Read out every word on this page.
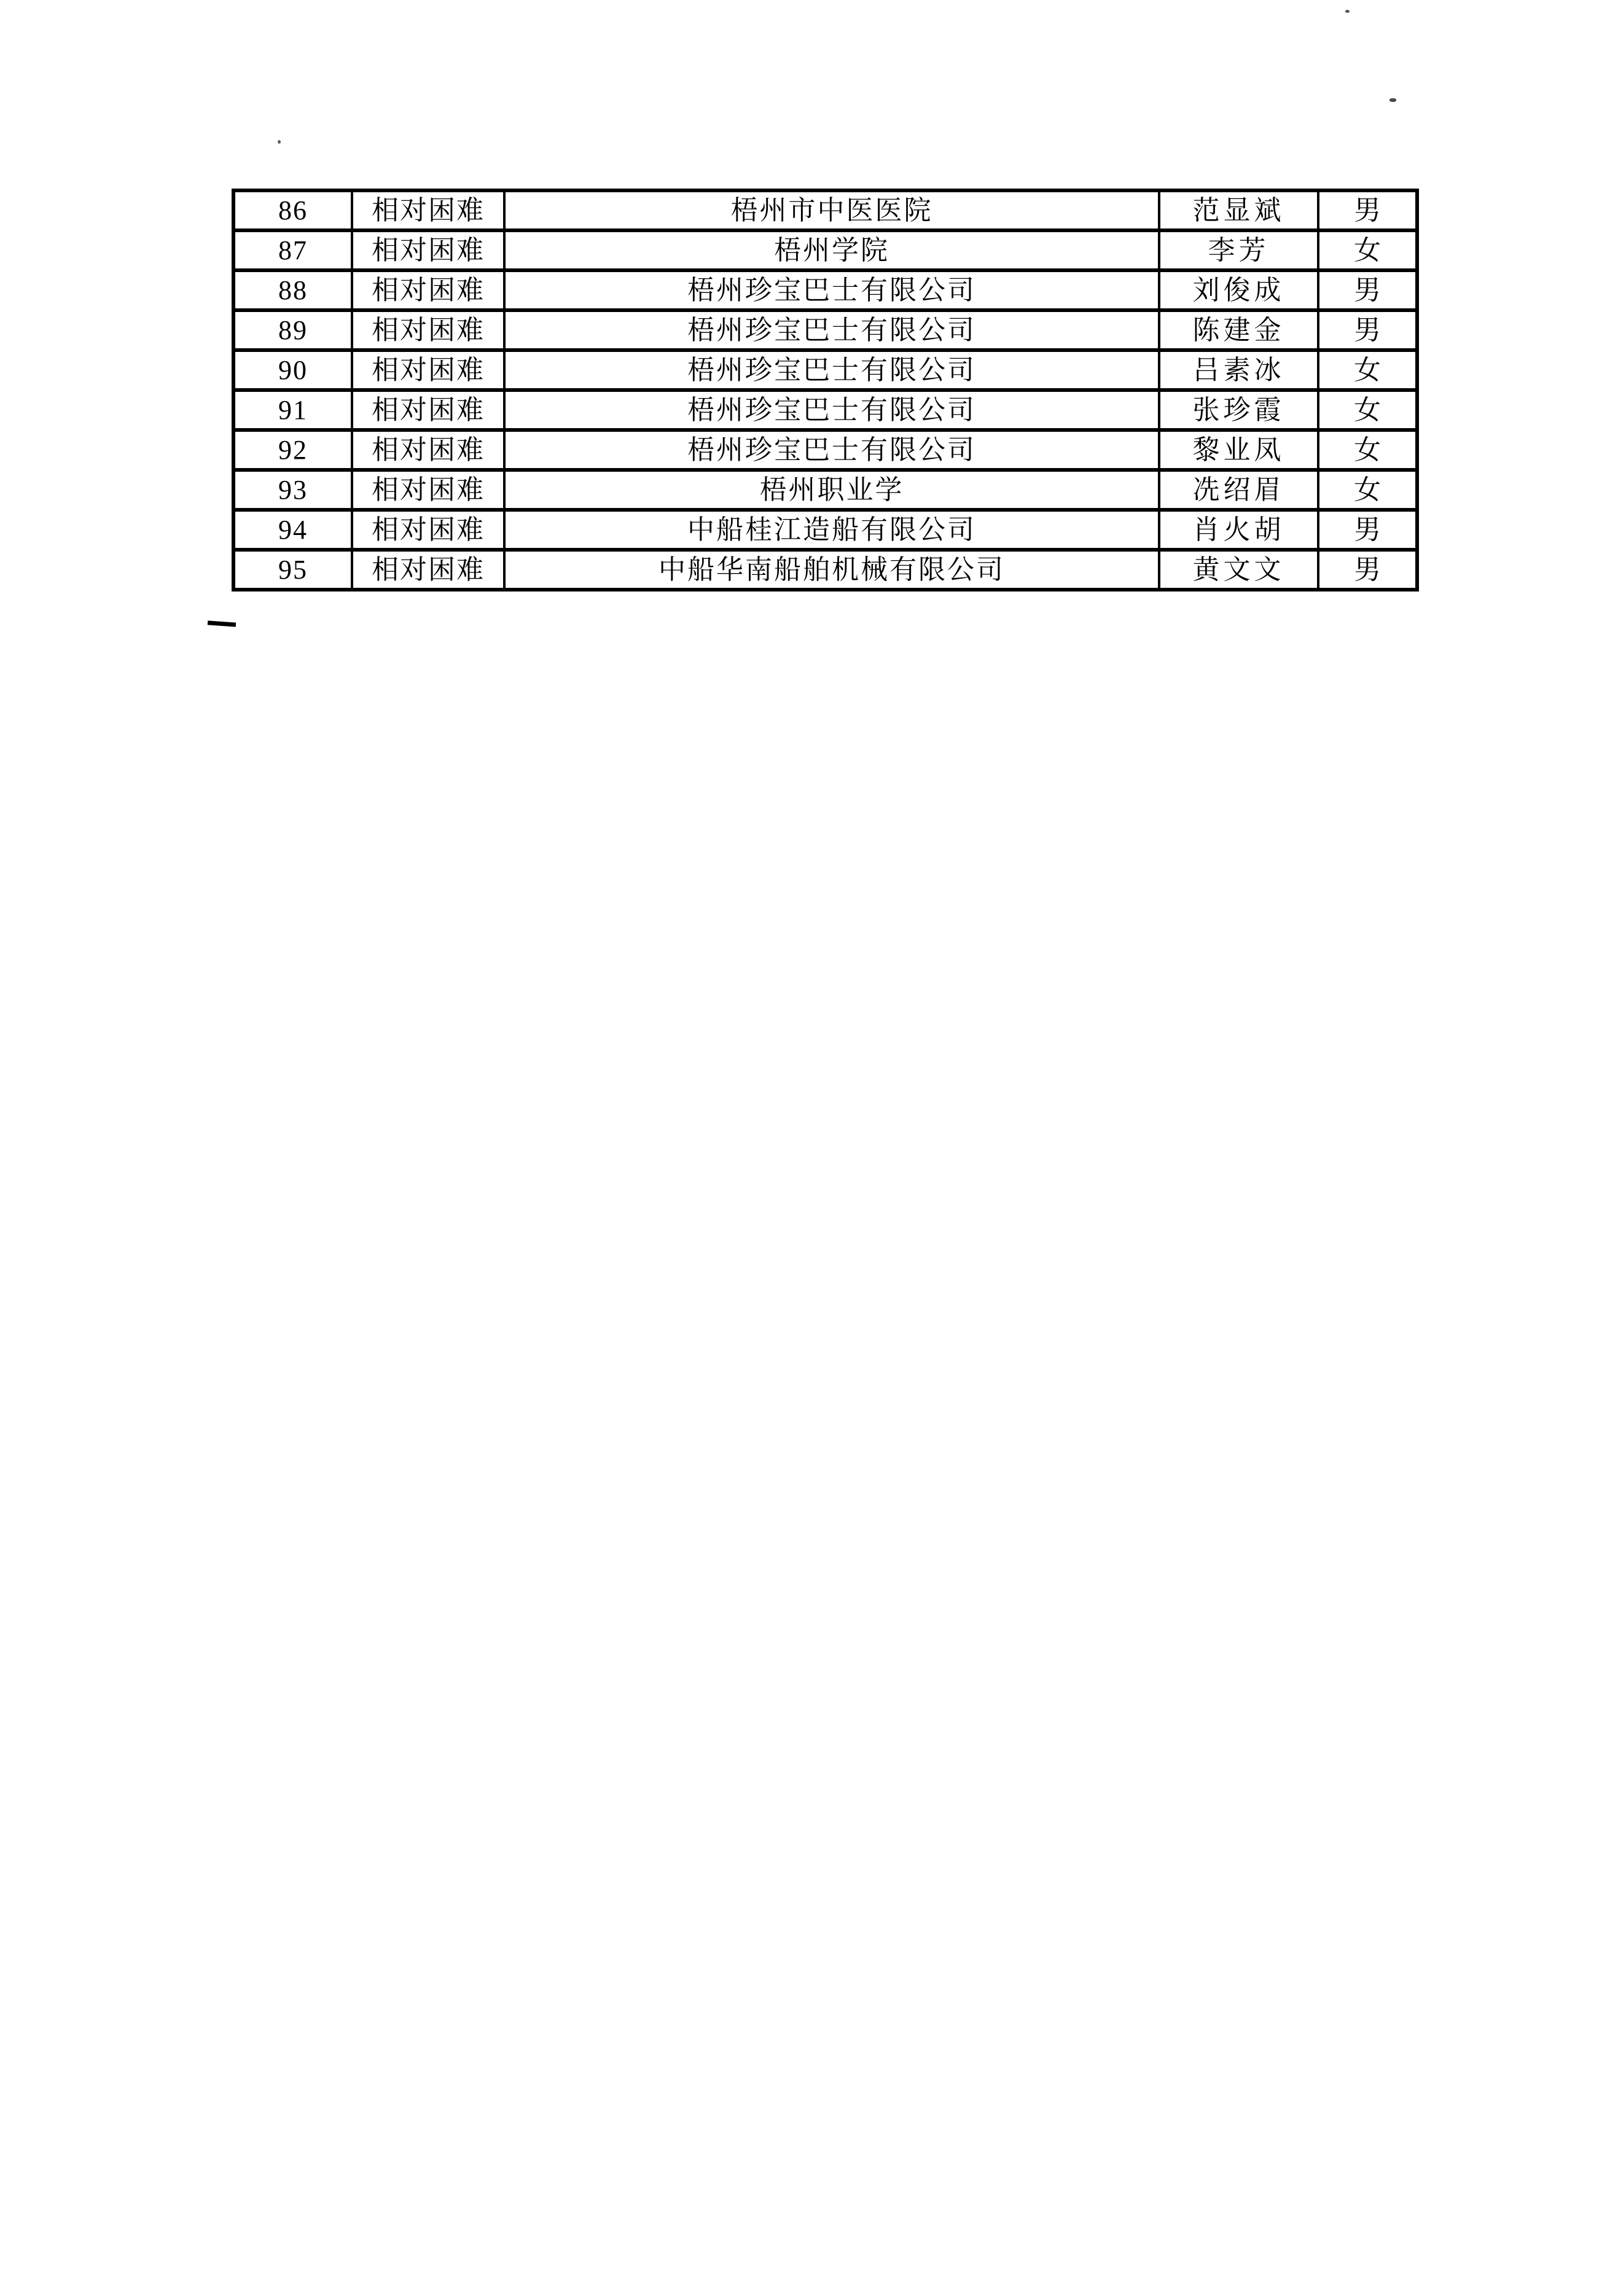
86	相对困难	梧州市中医医院	范显斌	男
87	相对困难	梧州学院	李芳	女
88	相对困难	梧州珍宝巴士有限公司	刘俊成	男
89	相对困难	梧州珍宝巴士有限公司	陈建金	男
90	相对困难	梧州珍宝巴士有限公司	吕素冰	女
91	相对困难	梧州珍宝巴士有限公司	张珍霞	女
92	相对困难	梧州珍宝巴士有限公司	黎业凤	女
93	相对困难	梧州职业学	冼绍眉	女
94	相对困难	中船桂江造船有限公司	肖火胡	男
95	相对困难	中船华南船舶机械有限公司	黄文文	男
